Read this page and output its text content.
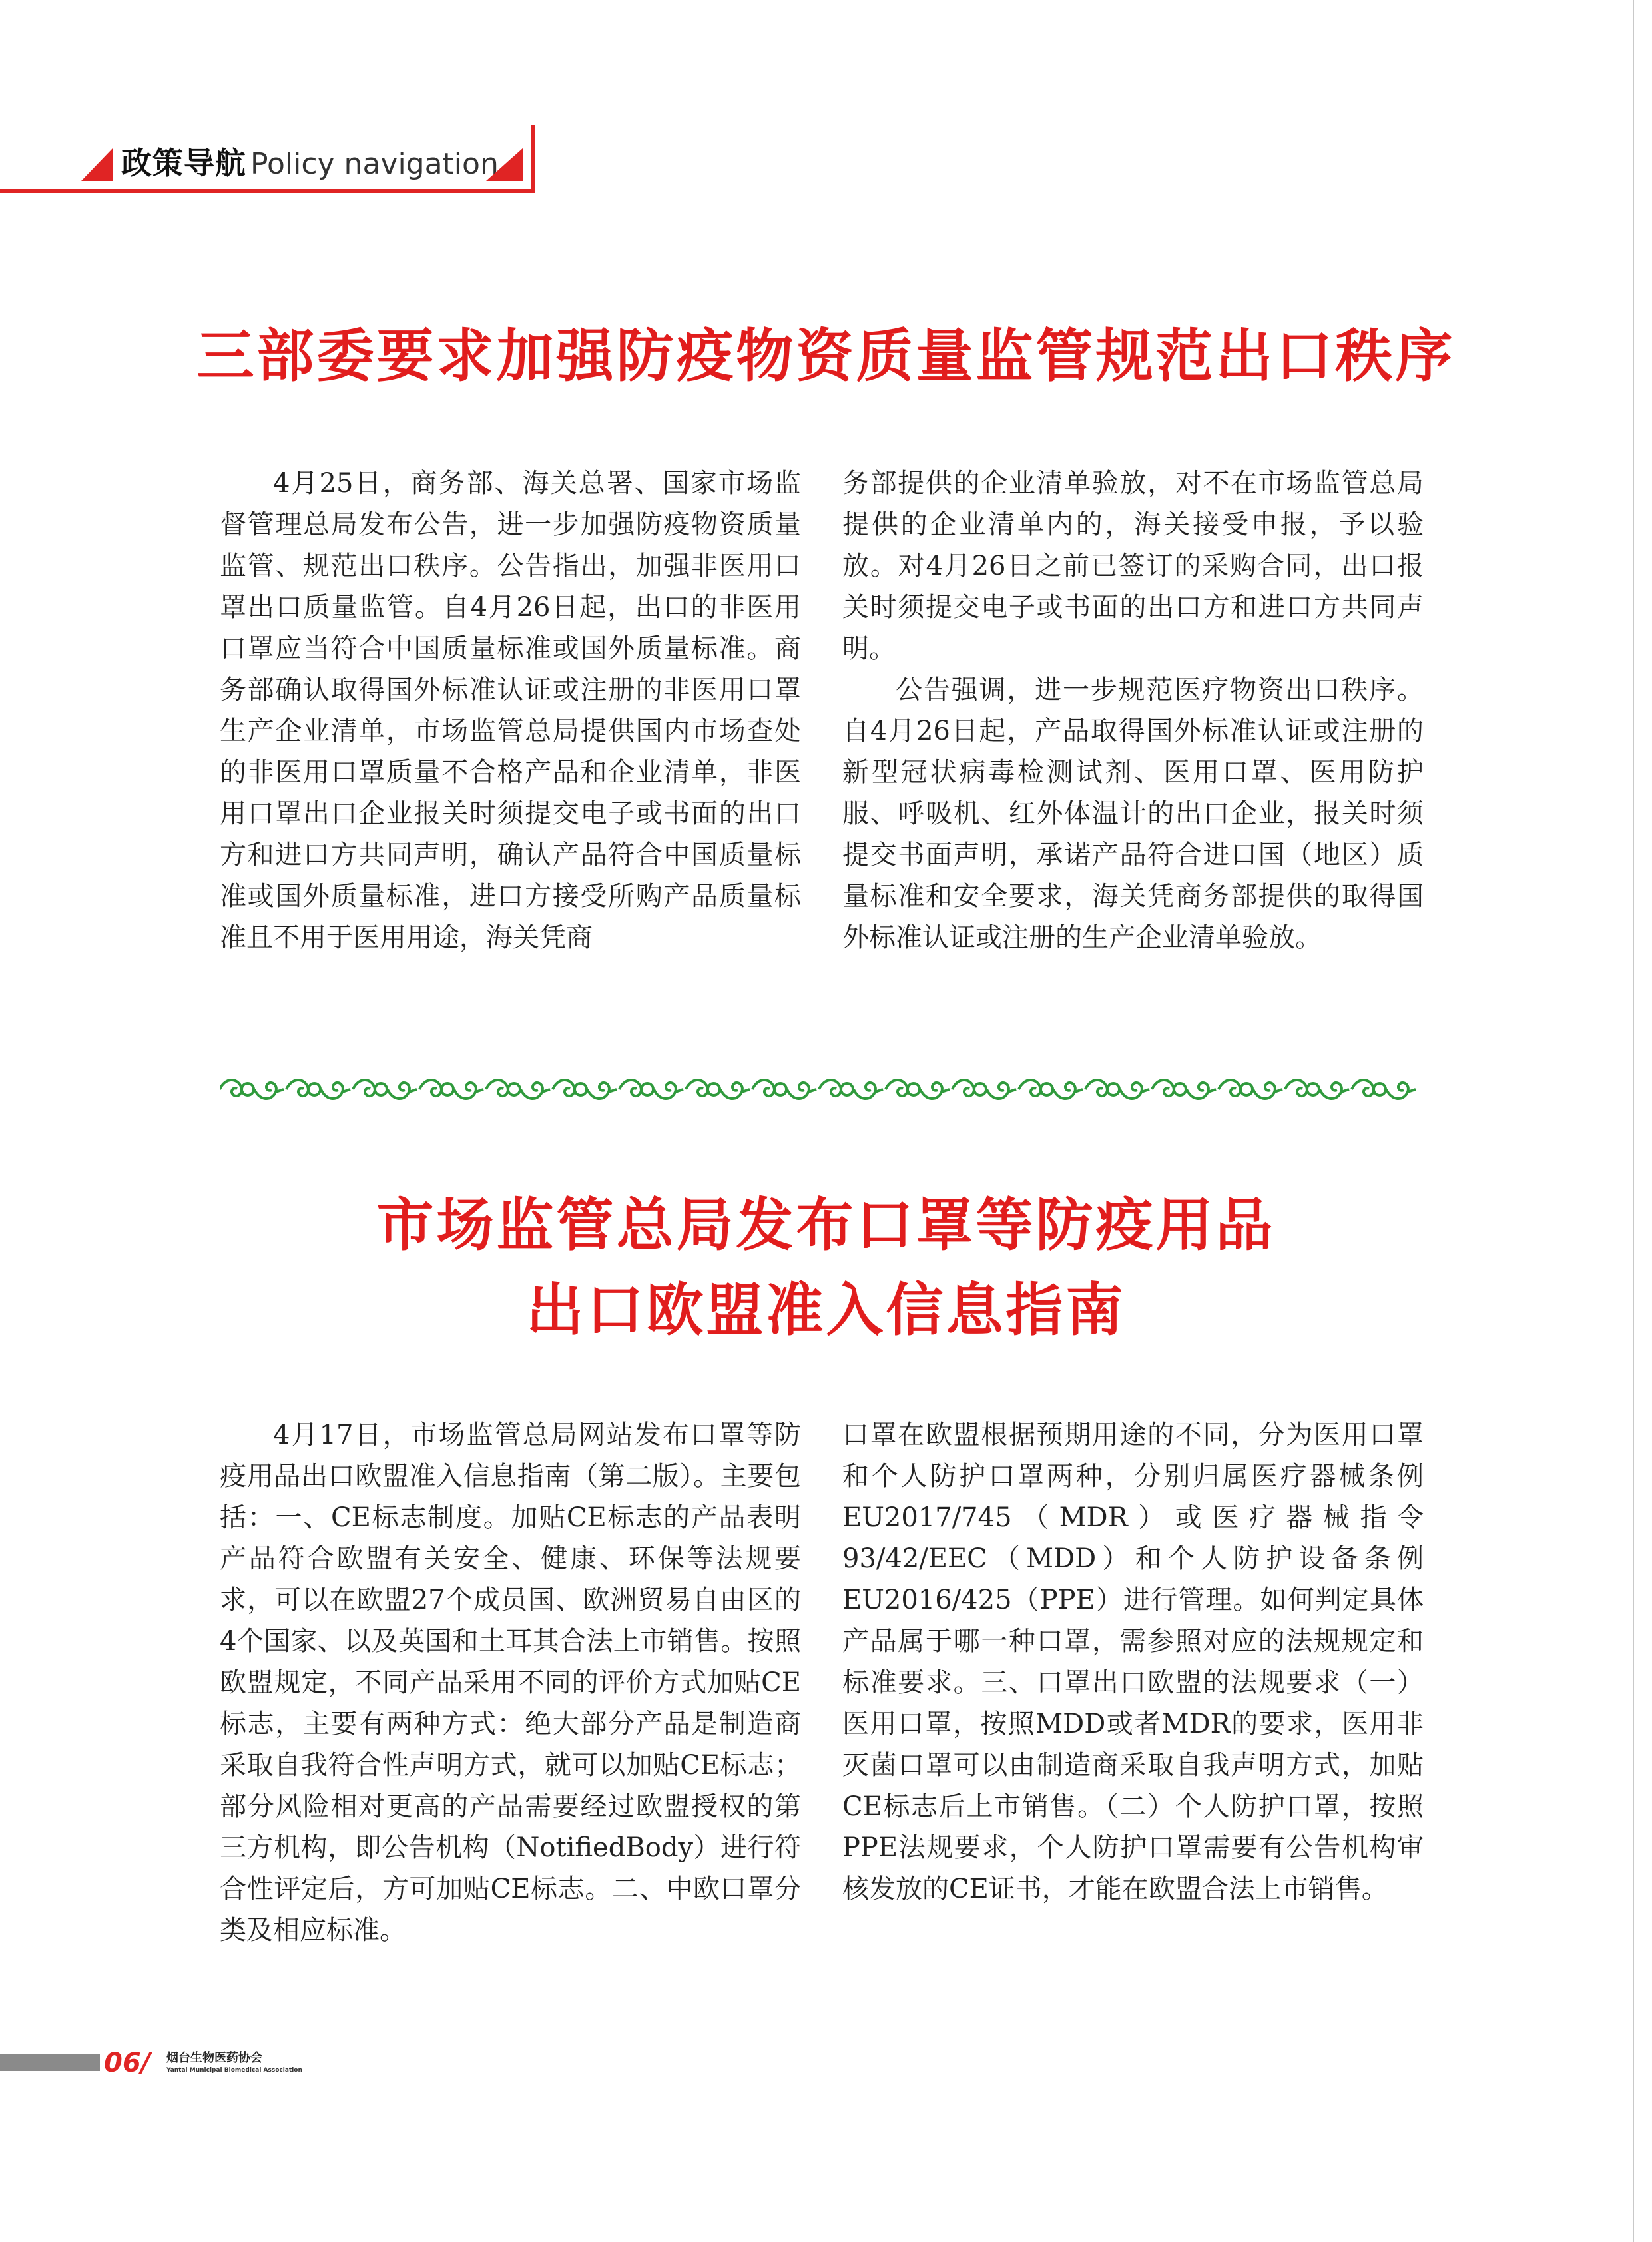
政策导航 Policy navigation
三部委要求加强防疫物资质量监管规范出口秩序

4月25日，商务部、海关总署、国家市场监督管理总局发布公告，进一步加强防疫物资质量监管、规范出口秩序。公告指出，加强非医用口罩出口质量监管。自4月26日起，出口的非医用口罩应当符合中国质量标准或国外质量标准。商务部确认取得国外标准认证或注册的非医用口罩生产企业清单，市场监管总局提供国内市场查处的非医用口罩质量不合格产品和企业清单，非医用口罩出口企业报关时须提交电子或书面的出口方和进口方共同声明，确认产品符合中国质量标准或国外质量标准，进口方接受所购产品质量标准且不用于医用用途，海关凭商

务部提供的企业清单验放，对不在市场监管总局提供的企业清单内的，海关接受申报，予以验放。对4月26日之前已签订的采购合同，出口报关时须提交电子或书面的出口方和进口方共同声明。

公告强调，进一步规范医疗物资出口秩序。自4月26日起，产品取得国外标准认证或注册的新型冠状病毒检测试剂、医用口罩、医用防护服、呼吸机、红外体温计的出口企业，报关时须提交书面声明，承诺产品符合进口国（地区）质量标准和安全要求，海关凭商务部提供的取得国外标准认证或注册的生产企业清单验放。

市场监管总局发布口罩等防疫用品
出口欧盟准入信息指南

4月17日，市场监管总局网站发布口罩等防疫用品出口欧盟准入信息指南（第二版）。主要包括：一、CE标志制度。加贴CE标志的产品表明产品符合欧盟有关安全、健康、环保等法规要求，可以在欧盟27个成员国、欧洲贸易自由区的4个国家、以及英国和土耳其合法上市销售。按照欧盟规定，不同产品采用不同的评价方式加贴CE标志，主要有两种方式：绝大部分产品是制造商采取自我符合性声明方式，就可以加贴CE标志；部分风险相对更高的产品需要经过欧盟授权的第三方机构，即公告机构（NotifiedBody）进行符合性评定后，方可加贴CE标志。二、中欧口罩分类及相应标准。

口罩在欧盟根据预期用途的不同，分为医用口罩和个人防护口罩两种，分别归属医疗器械条例 EU2017/745（MDR）或医疗器械指令93/42/EEC（MDD）和个人防护设备条例EU2016/425（PPE）进行管理。如何判定具体产品属于哪一种口罩，需参照对应的法规规定和标准要求。三、口罩出口欧盟的法规要求（一）医用口罩，按照MDD或者MDR的要求，医用非灭菌口罩可以由制造商采取自我声明方式，加贴CE标志后上市销售。（二）个人防护口罩，按照PPE法规要求，个人防护口罩需要有公告机构审核发放的CE证书，才能在欧盟合法上市销售。

06/ 烟台生物医药协会
Yantai Municipal Biomedical Association
